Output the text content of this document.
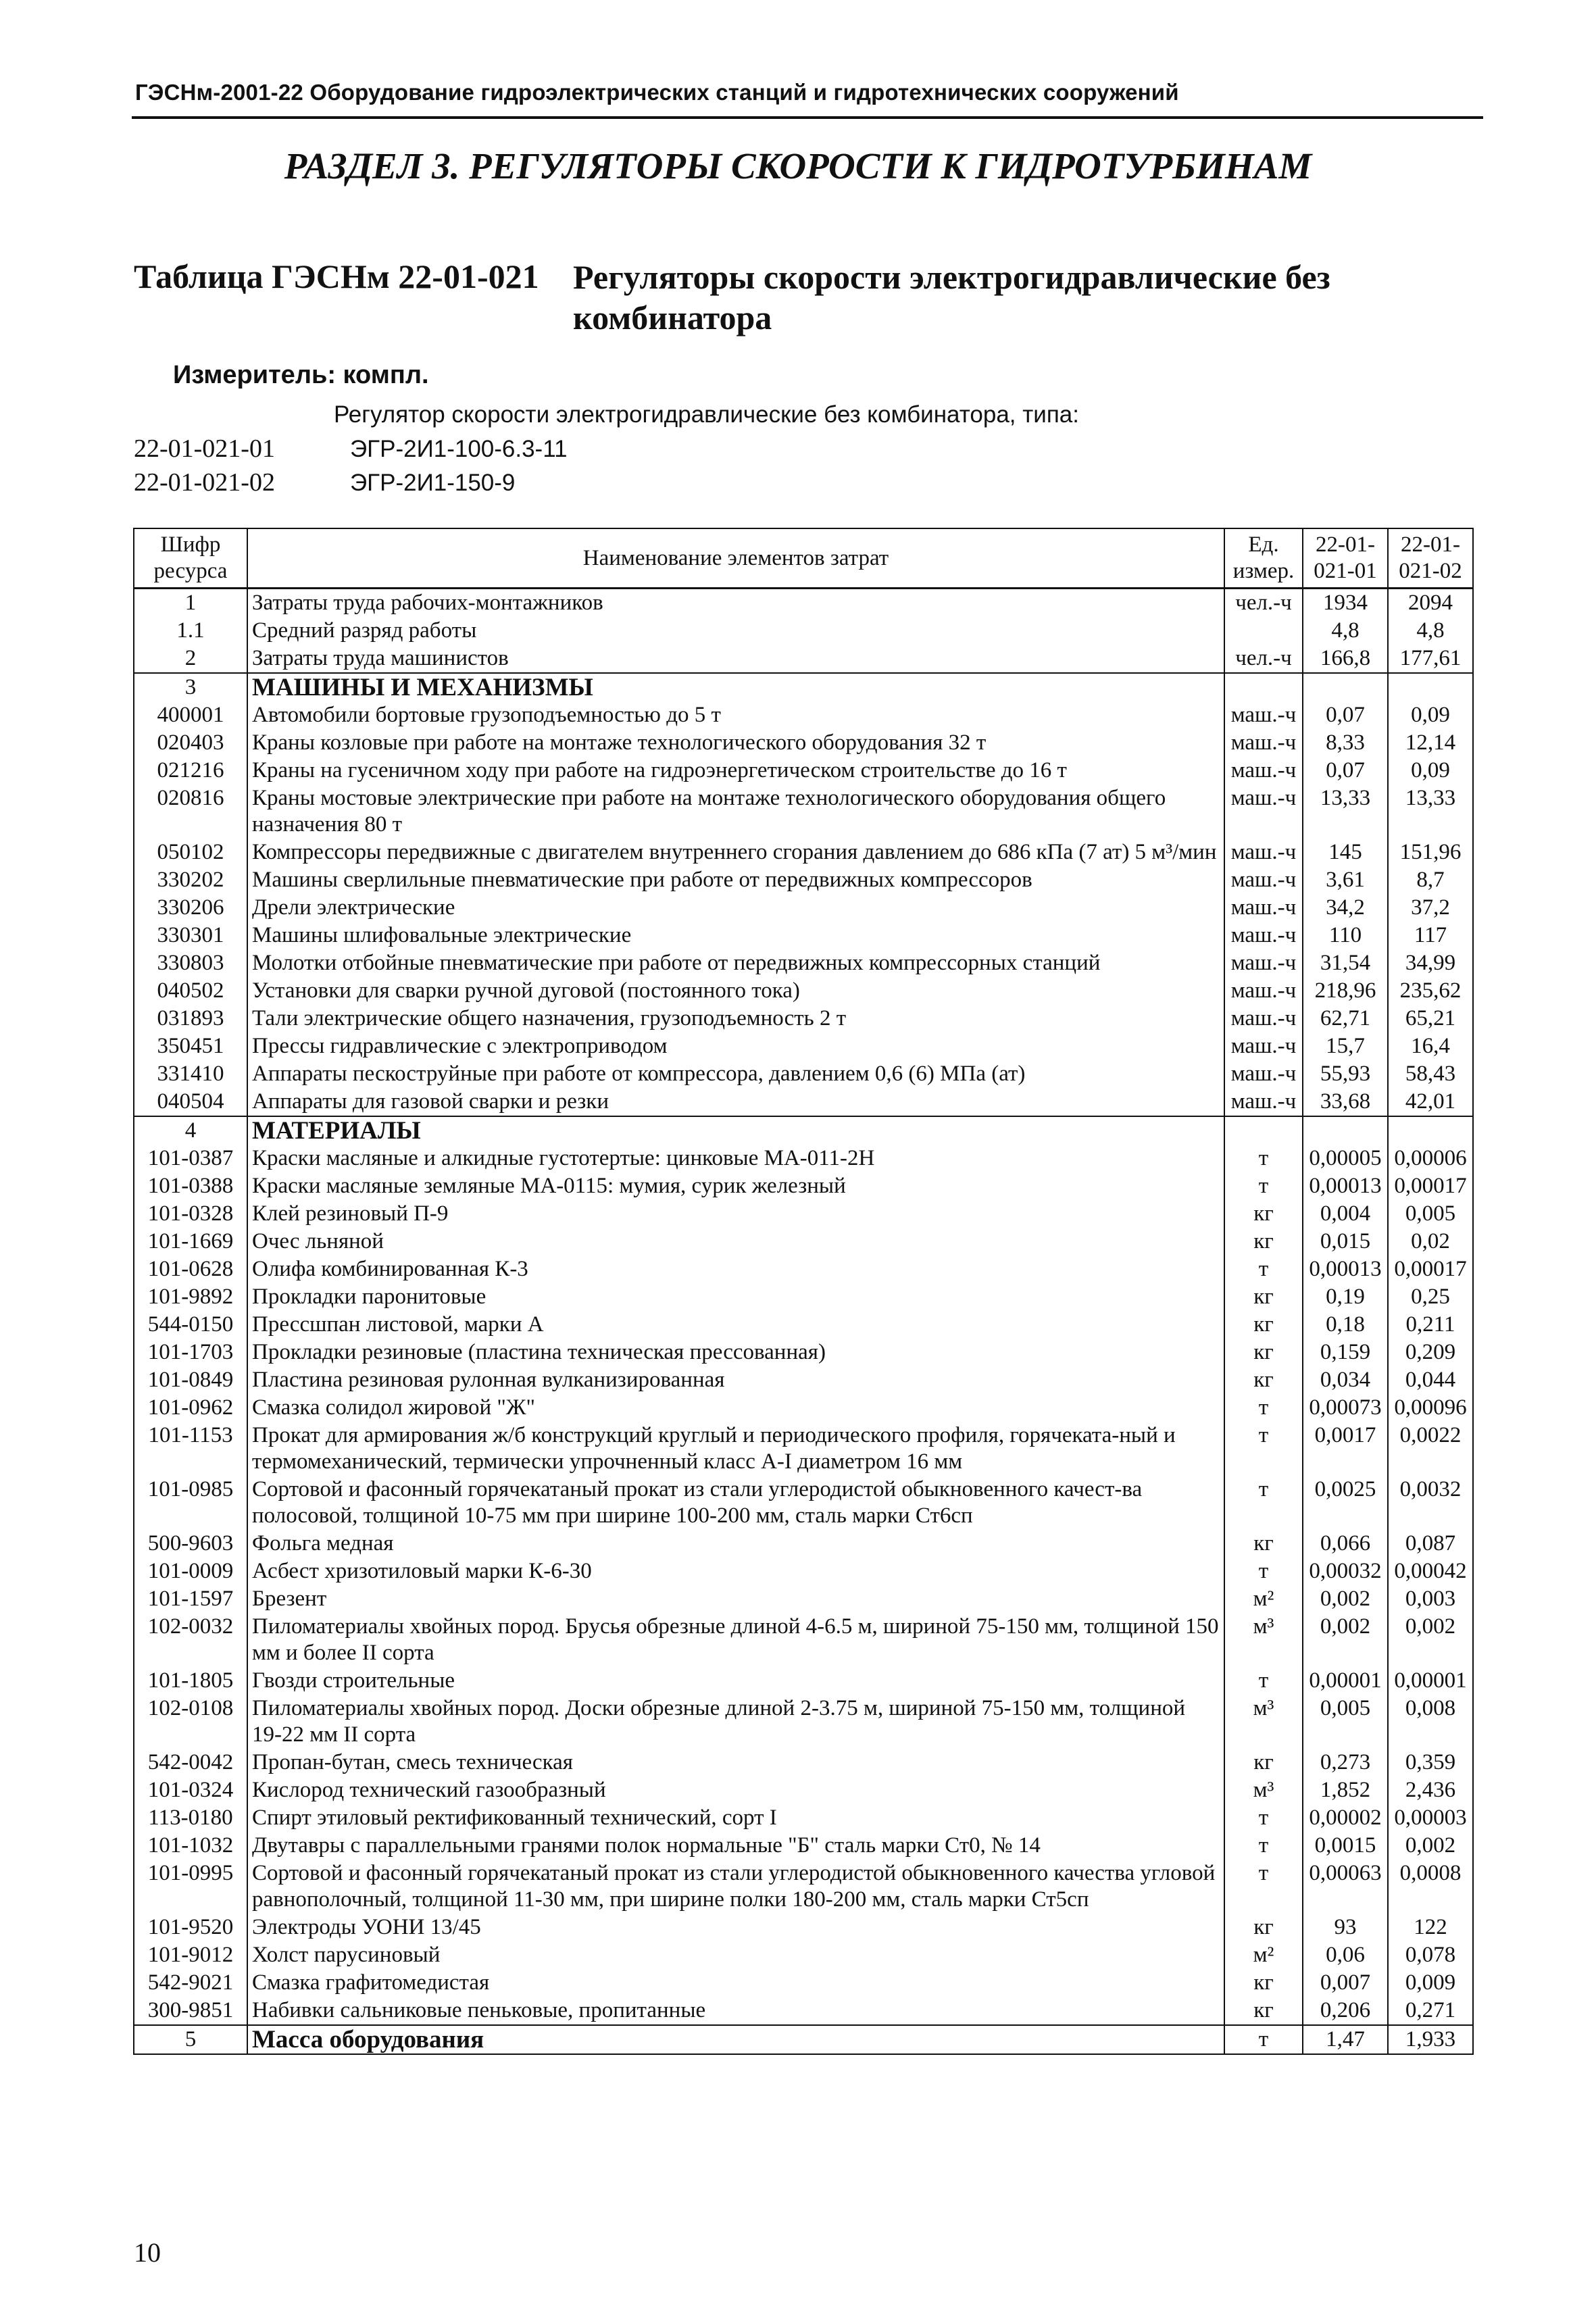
ГЭСНм-2001-22 Оборудование гидроэлектрических станций и гидротехнических сооружений
РАЗДЕЛ 3. РЕГУЛЯТОРЫ СКОРОСТИ К ГИДРОТУРБИНАМ
Таблица ГЭСНм 22-01-021 Регуляторы скорости электрогидравлические без комбинатора
Измеритель: компл.
Регулятор скорости электрогидравлические без комбинатора, типа:
22-01-021-01	ЭГР-2И1-100-6.3-11
22-01-021-02	ЭГР-2И1-150-9
Шифр ресурса	Наименование элементов затрат	Ед. измер.	22-01-021-01	22-01-021-02
1	Затраты труда рабочих-монтажников	чел.-ч	1934	2094
1.1	Средний разряд работы		4,8	4,8
2	Затраты труда машинистов	чел.-ч	166,8	177,61
3	МАШИНЫ И МЕХАНИЗМЫ			
400001	Автомобили бортовые грузоподъемностью до 5 т	маш.-ч	0,07	0,09
020403	Краны козловые при работе на монтаже технологического оборудования 32 т	маш.-ч	8,33	12,14
021216	Краны на гусеничном ходу при работе на гидроэнергетическом строительстве до 16 т	маш.-ч	0,07	0,09
020816	Краны мостовые электрические при работе на монтаже технологического оборудования общего назначения 80 т	маш.-ч	13,33	13,33
050102	Компрессоры передвижные с двигателем внутреннего сгорания давлением до 686 кПа (7 ат) 5 м³/мин	маш.-ч	145	151,96
330202	Машины сверлильные пневматические при работе от передвижных компрессоров	маш.-ч	3,61	8,7
330206	Дрели электрические	маш.-ч	34,2	37,2
330301	Машины шлифовальные электрические	маш.-ч	110	117
330803	Молотки отбойные пневматические при работе от передвижных компрессорных станций	маш.-ч	31,54	34,99
040502	Установки для сварки ручной дуговой (постоянного тока)	маш.-ч	218,96	235,62
031893	Тали электрические общего назначения, грузоподъемность 2 т	маш.-ч	62,71	65,21
350451	Прессы гидравлические с электроприводом	маш.-ч	15,7	16,4
331410	Аппараты пескоструйные при работе от компрессора, давлением 0,6 (6) МПа (ат)	маш.-ч	55,93	58,43
040504	Аппараты для газовой сварки и резки	маш.-ч	33,68	42,01
4	МАТЕРИАЛЫ			
101-0387	Краски масляные и алкидные густотертые: цинковые МА-011-2Н	т	0,00005	0,00006
101-0388	Краски масляные земляные МА-0115: мумия, сурик железный	т	0,00013	0,00017
101-0328	Клей резиновый П-9	кг	0,004	0,005
101-1669	Очес льняной	кг	0,015	0,02
101-0628	Олифа комбинированная К-3	т	0,00013	0,00017
101-9892	Прокладки паронитовые	кг	0,19	0,25
544-0150	Прессшпан листовой, марки А	кг	0,18	0,211
101-1703	Прокладки резиновые (пластина техническая прессованная)	кг	0,159	0,209
101-0849	Пластина резиновая рулонная вулканизированная	кг	0,034	0,044
101-0962	Смазка солидол жировой "Ж"	т	0,00073	0,00096
101-1153	Прокат для армирования ж/б конструкций круглый и периодического профиля, горячеката-ный и термомеханический, термически упрочненный класс А-I диаметром 16 мм	т	0,0017	0,0022
101-0985	Сортовой и фасонный горячекатаный прокат из стали углеродистой обыкновенного качест-ва полосовой, толщиной 10-75 мм при ширине 100-200 мм, сталь марки Ст6сп	т	0,0025	0,0032
500-9603	Фольга медная	кг	0,066	0,087
101-0009	Асбест хризотиловый марки К-6-30	т	0,00032	0,00042
101-1597	Брезент	м²	0,002	0,003
102-0032	Пиломатериалы хвойных пород. Брусья обрезные длиной 4-6.5 м, шириной 75-150 мм, толщиной 150 мм и более II сорта	м³	0,002	0,002
101-1805	Гвозди строительные	т	0,00001	0,00001
102-0108	Пиломатериалы хвойных пород. Доски обрезные длиной 2-3.75 м, шириной 75-150 мм, толщиной 19-22 мм II сорта	м³	0,005	0,008
542-0042	Пропан-бутан, смесь техническая	кг	0,273	0,359
101-0324	Кислород технический газообразный	м³	1,852	2,436
113-0180	Спирт этиловый ректификованный технический, сорт I	т	0,00002	0,00003
101-1032	Двутавры с параллельными гранями полок нормальные "Б" сталь марки Ст0, № 14	т	0,0015	0,002
101-0995	Сортовой и фасонный горячекатаный прокат из стали углеродистой обыкновенного качества угловой равнополочный, толщиной 11-30 мм, при ширине полки 180-200 мм, сталь марки Ст5сп	т	0,00063	0,0008
101-9520	Электроды УОНИ 13/45	кг	93	122
101-9012	Холст парусиновый	м²	0,06	0,078
542-9021	Смазка графитомедистая	кг	0,007	0,009
300-9851	Набивки сальниковые пеньковые, пропитанные	кг	0,206	0,271
5	Масса оборудования	т	1,47	1,933
10
